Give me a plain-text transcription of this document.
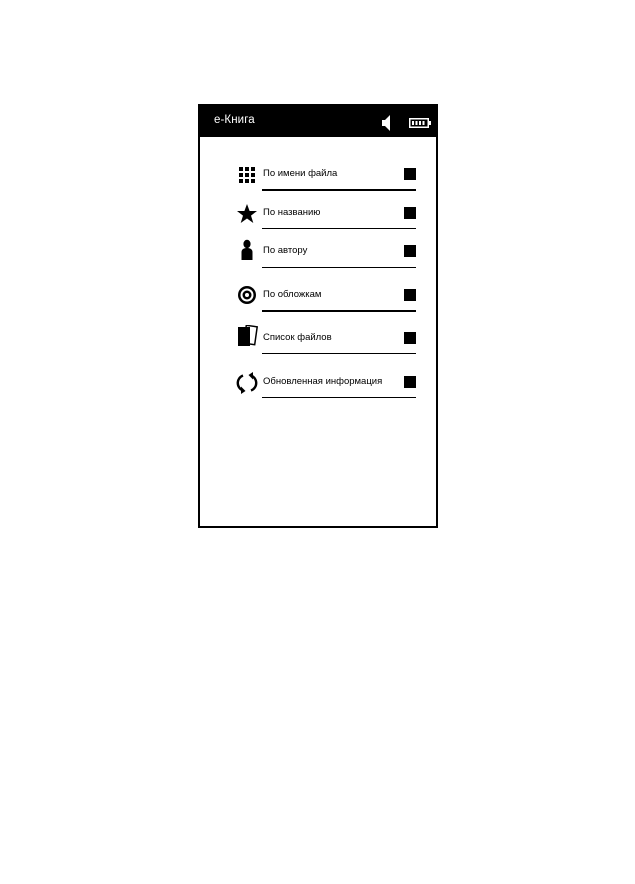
e-Книга
По имени файла
По названию
По автору
По обложкам
Список файлов
Обновленная информация
